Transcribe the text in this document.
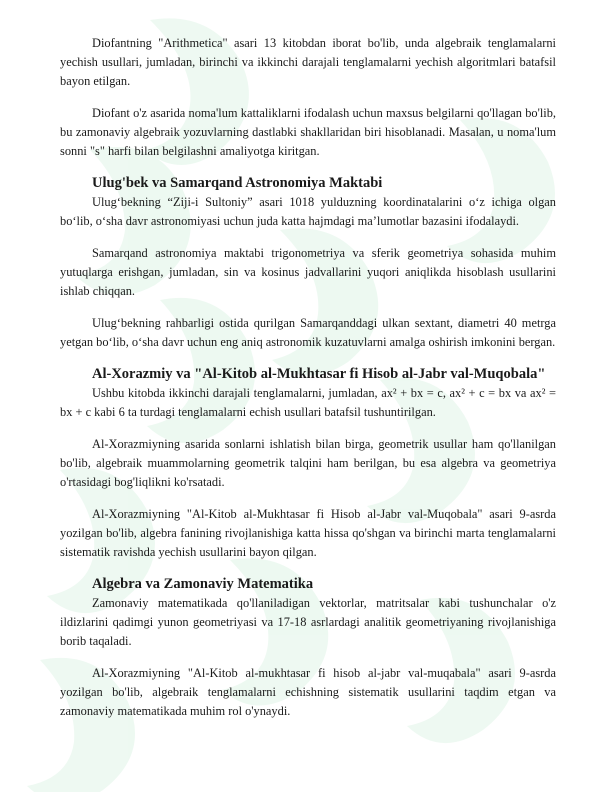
Diofantning "Arithmetica" asari 13 kitobdan iborat bo'lib, unda algebraik tenglamalarni yechish usullari, jumladan, birinchi va ikkinchi darajali tenglamalarni yechish algoritmlari batafsil bayon etilgan.

Diofant o'z asarida noma'lum kattaliklarni ifodalash uchun maxsus belgilarni qo'llagan bo'lib, bu zamonaviy algebraik yozuvlarning dastlabki shakllaridan biri hisoblanadi. Masalan, u noma'lum sonni "s" harfi bilan belgilashni amaliyotga kiritgan.

Ulug'bek va Samarqand Astronomiya Maktabi

Ulug‘bekning “Ziji-i Sultoniy” asari 1018 yulduzning koordinatalarini o‘z ichiga olgan bo‘lib, o‘sha davr astronomiyasi uchun juda katta hajmdagi ma’lumotlar bazasini ifodalaydi.

Samarqand astronomiya maktabi trigonometriya va sferik geometriya sohasida muhim yutuqlarga erishgan, jumladan, sin va kosinus jadvallarini yuqori aniqlikda hisoblash usullarini ishlab chiqqan.

Ulug‘bekning rahbarligi ostida qurilgan Samarqanddagi ulkan sextant, diametri 40 metrga yetgan bo‘lib, o‘sha davr uchun eng aniq astronomik kuzatuvlarni amalga oshirish imkonini bergan.

Al-Xorazmiy va "Al-Kitob al-Mukhtasar fi Hisob al-Jabr val-Muqobala"

Ushbu kitobda ikkinchi darajali tenglamalarni, jumladan, ax² + bx = c, ax² + c = bx va ax² = bx + c kabi 6 ta turdagi tenglamalarni echish usullari batafsil tushuntirilgan.

Al-Xorazmiyning asarida sonlarni ishlatish bilan birga, geometrik usullar ham qo'llanilgan bo'lib, algebraik muammolarning geometrik talqini ham berilgan, bu esa algebra va geometriya o'rtasidagi bog'liqlikni ko'rsatadi.

Al-Xorazmiyning "Al-Kitob al-Mukhtasar fi Hisob al-Jabr val-Muqobala" asari 9-asrda yozilgan bo'lib, algebra fanining rivojlanishiga katta hissa qo'shgan va birinchi marta tenglamalarni sistematik ravishda yechish usullarini bayon qilgan.

Algebra va Zamonaviy Matematika

Zamonaviy matematikada qo'llaniladigan vektorlar, matritsalar kabi tushunchalar o'z ildizlarini qadimgi yunon geometriyasi va 17-18 asrlardagi analitik geometriyaning rivojlanishiga borib taqaladi.

Al-Xorazmiyning "Al-Kitob al-mukhtasar fi hisob al-jabr val-muqabala" asari 9-asrda yozilgan bo'lib, algebraik tenglamalarni echishning sistematik usullarini taqdim etgan va zamonaviy matematikada muhim rol o'ynaydi.
